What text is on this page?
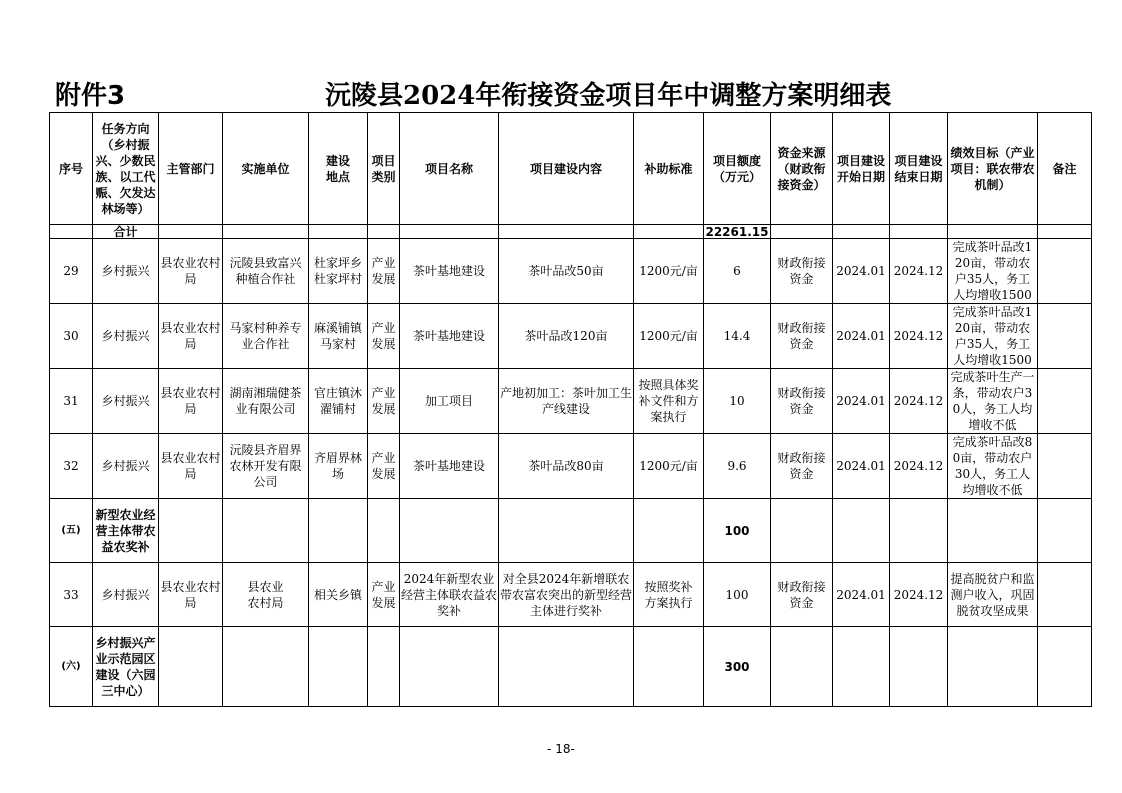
附件3	沅陵县2024年衔接资金项目年中调整方案明细表
序号	任务方向（乡村振兴、少数民族、以工代赈、欠发达林场等）	主管部门	实施单位	建设地点	项目类别	项目名称	项目建设内容	补助标准	项目额度（万元）	资金来源（财政衔接资金）	项目建设开始日期	项目建设结束日期	绩效目标（产业项目：联农带农机制）	备注

	合计								22261.15					
29	乡村振兴	县农业农村局	沅陵县致富兴种植合作社	杜家坪乡杜家坪村	产业发展	茶叶基地建设	茶叶品改50亩	1200元/亩	6	财政衔接资金	2024.01	2024.12	完成茶叶品改120亩，带动农户35人，务工人均增收1500	

30	乡村振兴	县农业农村局	马家村种养专业合作社	麻溪铺镇马家村	产业发展	茶叶基地建设	茶叶品改120亩	1200元/亩	14.4	财政衔接资金	2024.01	2024.12	完成茶叶品改120亩，带动农户35人，务工人均增收1500	

31	乡村振兴	县农业农村局	湖南湘瑞健茶业有限公司	官庄镇沐濯铺村	产业发展	加工项目	产地初加工：茶叶加工生产线建设	按照具体奖补文件和方案执行	10	财政衔接资金	2024.01	2024.12	完成茶叶生产一条，带动农户30人，务工人均增收不低	

32	乡村振兴	县农业农村局	沅陵县齐眉界农林开发有限公司	齐眉界林场	产业发展	茶叶基地建设	茶叶品改80亩	1200元/亩	9.6	财政衔接资金	2024.01	2024.12	完成茶叶品改80亩，带动农户30人，务工人均增收不低	

(五)	新型农业经营主体带农益农奖补								100					
33	乡村振兴	县农业农村局	县农业农村局	相关乡镇	产业发展	2024年新型农业经营主体联农益农奖补	对全县2024年新增联农带农富农突出的新型经营主体进行奖补	按照奖补方案执行	100	财政衔接资金	2024.01	2024.12	提高脱贫户和监测户收入，巩固脱贫攻坚成果	

(六)	乡村振兴产业示范园区建设（六园三中心）								300					
- 18-
